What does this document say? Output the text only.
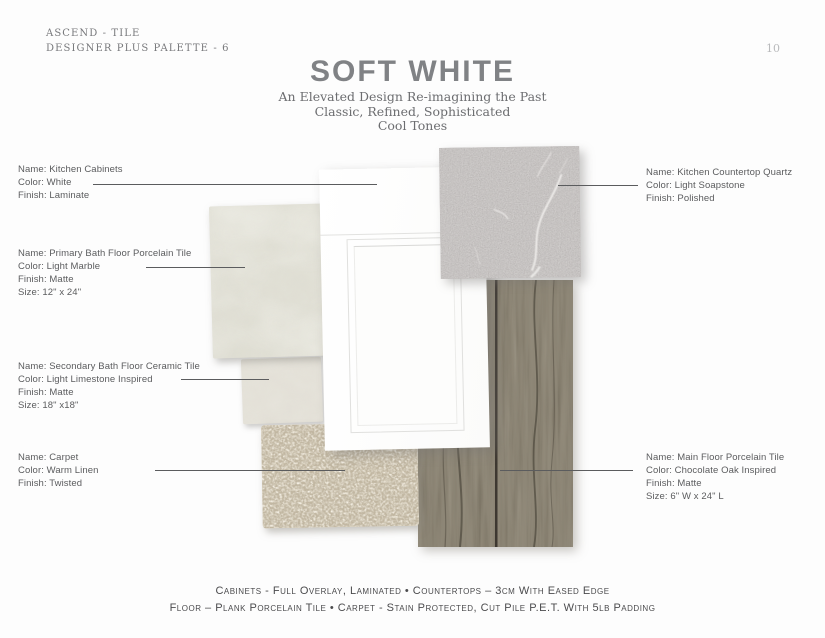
ASCEND - TILE
DESIGNER PLUS PALETTE - 6	10
SOFT WHITE
An Elevated Design Re-imagining the Past
Classic, Refined, Sophisticated
Cool Tones
Name: Kitchen Cabinets
Color: White
Finish: Laminate
Name: Primary Bath Floor Porcelain Tile
Color: Light Marble
Finish: Matte
Size: 12" x 24"
Name: Secondary Bath Floor Ceramic Tile
Color: Light Limestone Inspired
Finish: Matte
Size: 18" x18"
Name: Carpet
Color: Warm Linen
Finish: Twisted
Name: Kitchen Countertop Quartz
Color: Light Soapstone
Finish: Polished
Name: Main Floor Porcelain Tile
Color: Chocolate Oak Inspired
Finish: Matte
Size: 6" W x 24" L
Cabinets - Full Overlay, Laminated • Countertops – 3cm With Eased Edge
Floor – Plank Porcelain Tile • Carpet - Stain Protected, Cut Pile P.E.T. With 5lb Padding
